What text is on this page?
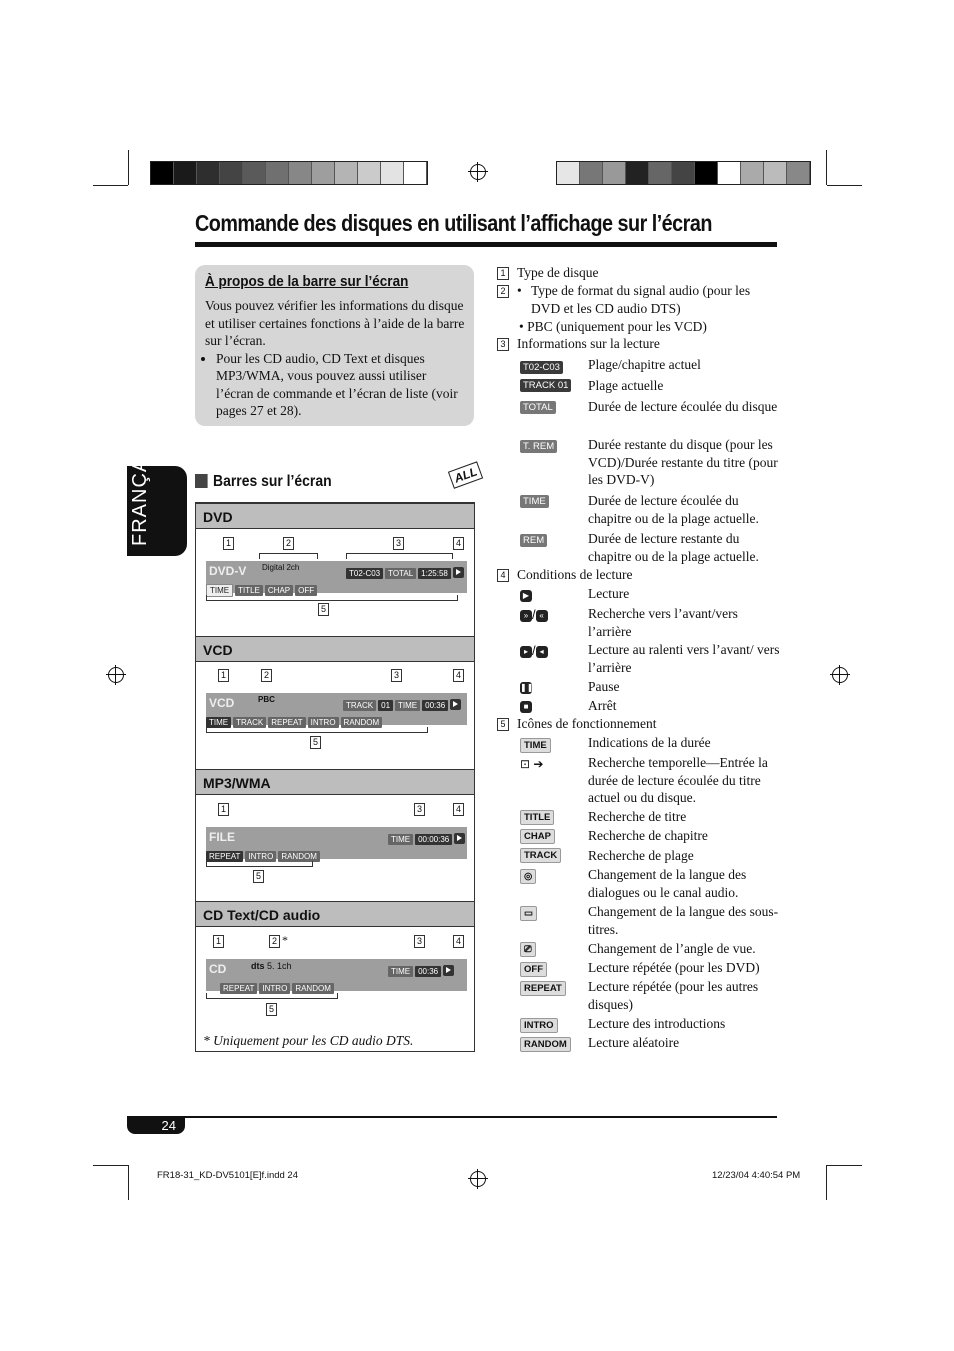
Commande des disques en utilisant l’affichage sur l’écran
À propos de la barre sur l’écran
Vous pouvez vérifier les informations du disque et utiliser certaines fonctions à l’aide de la barre sur l’écran.
• Pour les CD audio, CD Text et disques MP3/WMA, vous pouvez aussi utiliser l’écran de commande et l’écran de liste (voir pages 27 et 28).
FRANÇAIS	Barres sur l’écran	ALL
DVD
1	2	3	4
DVD-V Digital 2ch
T02-C03 TOTAL 1:25:58
TIME TITLE CHAP OFF
5
VCD
1	2	3	4
VCD	PBC
TRACK 01 TIME 00:36
TIME TRACK REPEAT INTRO RANDOM
5
MP3/WMA
1	3	4
FILE	TIME 00:00:36
REPEAT INTRO RANDOM
5
CD Text/CD audio
1	2 *	3	4
CD	dts 5. 1ch
TIME 00:36
REPEAT INTRO RANDOM
5
* Uniquement pour les CD audio DTS.
1 Type de disque
2 • Type de format du signal audio (pour les DVD et les CD audio DTS)
• PBC (uniquement pour les VCD)
3 Informations sur la lecture
T02-C03 Plage/chapitre actuel
TRACK 01 Plage actuelle
TOTAL	Durée de lecture écoulée du disque
T. REM	Durée restante du disque (pour les VCD)/Durée restante du titre (pour les DVD-V)
TIME	Durée de lecture écoulée du chapitre ou de la plage actuelle.
REM	Durée de lecture restante du chapitre ou de la plage actuelle.
4 Conditions de lecture
▶	Lecture
» / «	Recherche vers l’avant/vers l’arrière
▸ / ◂	Lecture au ralenti vers l’avant/ vers l’arrière
❚❚	Pause
■	Arrêt
5 Icônes de fonctionnement
TIME	Indications de la durée
⊡ ➔	Recherche temporelle—Entrée la durée de lecture écoulée du titre actuel ou du disque.
TITLE	Recherche de titre
CHAP	Recherche de chapitre
TRACK Recherche de plage
◎	Changement de la langue des dialogues ou le canal audio.
▭	Changement de la langue des sous-titres.
⎚	Changement de l’angle de vue.
OFF	Lecture répétée (pour les DVD)
REPEAT Lecture répétée (pour les autres disques)
INTRO	Lecture des introductions
RANDOM Lecture aléatoire
24
FR18-31_KD-DV5101[E]f.indd 24	12/23/04 4:40:54 PM
